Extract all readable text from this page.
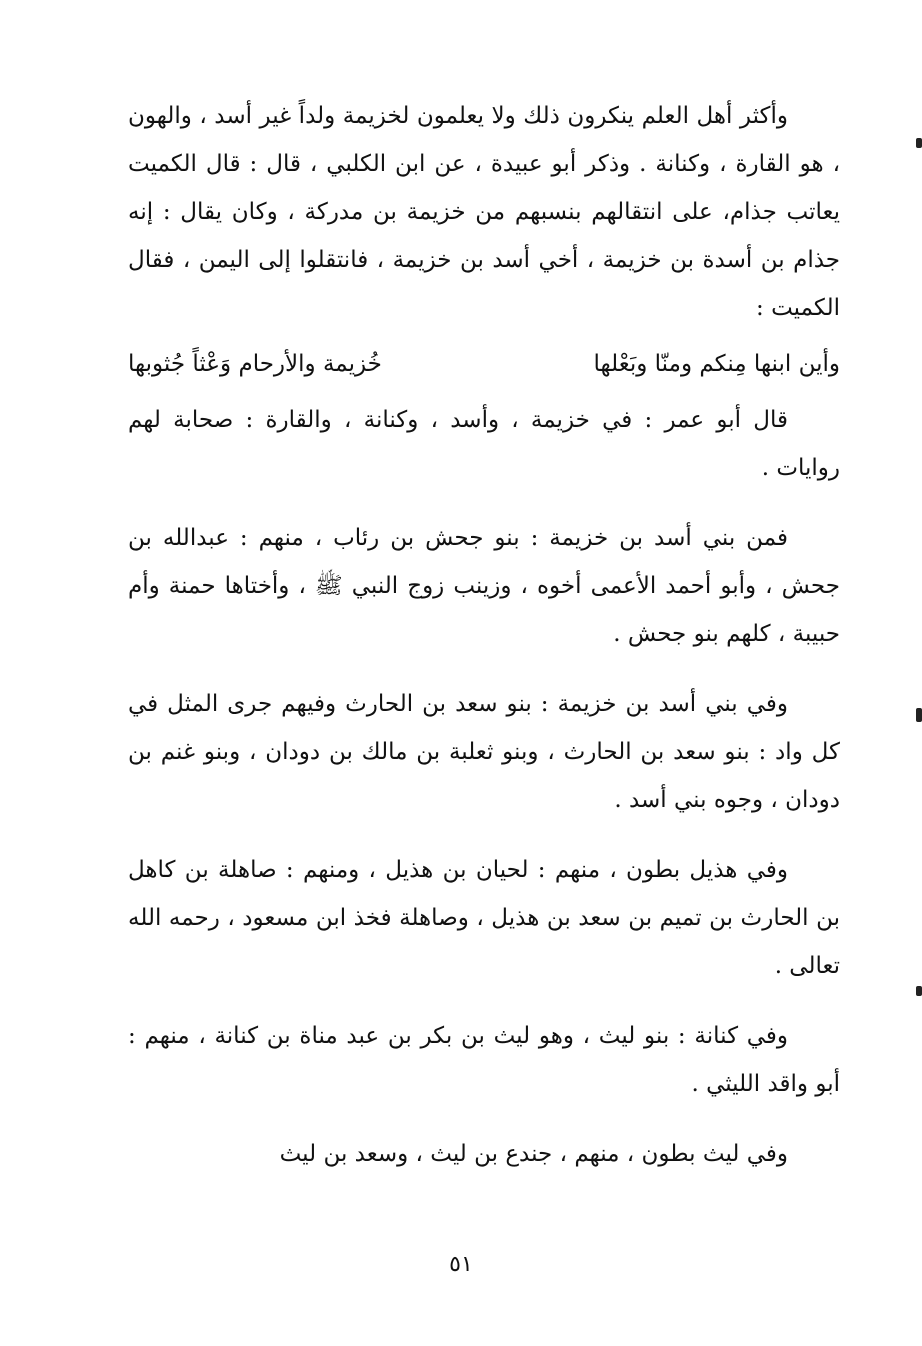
وأكثر أهل العلم ينكرون ذلك ولا يعلمون لخزيمة ولداً غير أسد ، والهون ، هو القارة ، وكنانة . وذكر أبو عبيدة ، عن ابن الكلبي ، قال : قال الكميت يعاتب جذام، على انتقالهم بنسبهم من خزيمة بن مدركة ، وكان يقال : إنه جذام بن أسدة بن خزيمة ، أخي أسد بن خزيمة ، فانتقلوا إلى اليمن ، فقال الكميت :

وأين ابنها مِنكم ومنّا وبَعْلها
خُزيمة والأرحام وَعْثاً جُثوبها

قال أبو عمر : في خزيمة ، وأسد ، وكنانة ، والقارة : صحابة لهم روايات .

فمن بني أسد بن خزيمة : بنو جحش بن رئاب ، منهم : عبدالله بن جحش ، وأبو أحمد الأعمى أخوه ، وزينب زوج النبي ﷺ ، وأختاها حمنة وأم حبيبة ، كلهم بنو جحش .

وفي بني أسد بن خزيمة : بنو سعد بن الحارث وفيهم جرى المثل في كل واد : بنو سعد بن الحارث ، وبنو ثعلبة بن مالك بن دودان ، وبنو غنم بن دودان ، وجوه بني أسد .

وفي هذيل بطون ، منهم : لحيان بن هذيل ، ومنهم : صاهلة بن كاهل بن الحارث بن تميم بن سعد بن هذيل ، وصاهلة فخذ ابن مسعود ، رحمه الله تعالى .

وفي كنانة : بنو ليث ، وهو ليث بن بكر بن عبد مناة بن كنانة ، منهم : أبو واقد الليثي .

وفي ليث بطون ، منهم ، جندع بن ليث ، وسعد بن ليث

٥١
